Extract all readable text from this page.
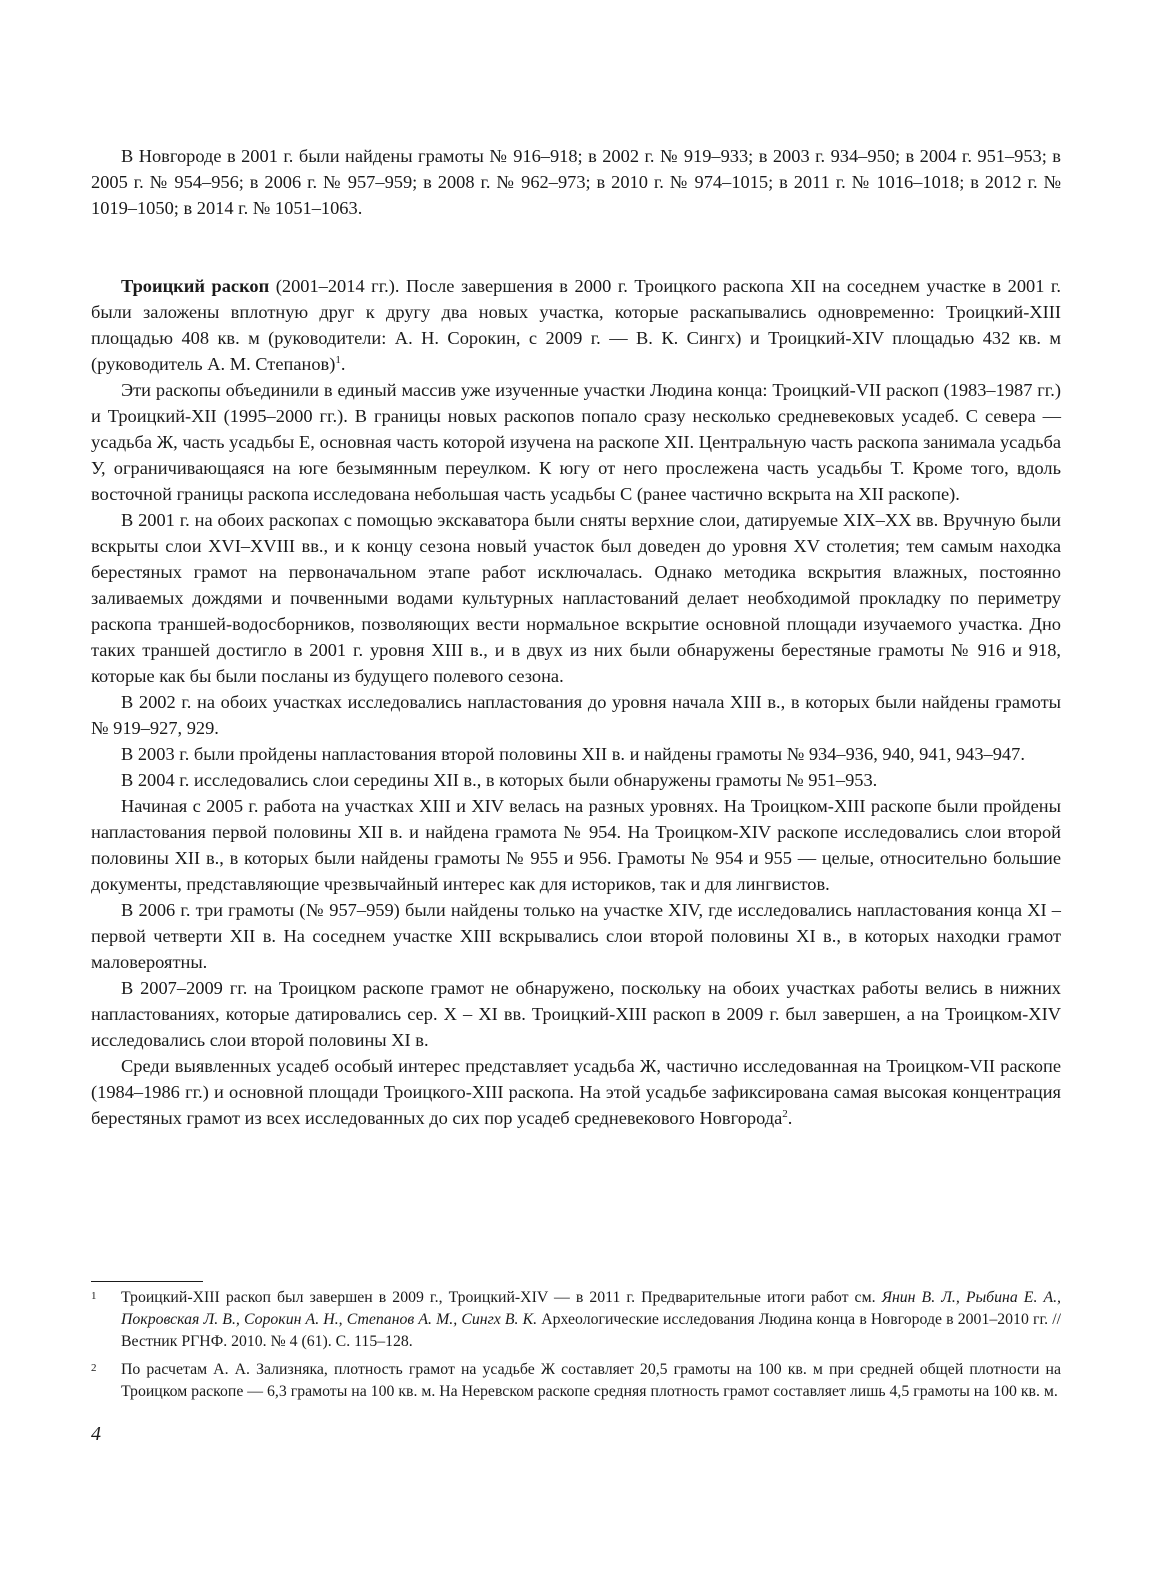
В Новгороде в 2001 г. были найдены грамоты № 916–918; в 2002 г. № 919–933; в 2003 г. 934–950; в 2004 г. 951–953; в 2005 г. № 954–956; в 2006 г. № 957–959; в 2008 г. № 962–973; в 2010 г. № 974–1015; в 2011 г. № 1016–1018; в 2012 г. № 1019–1050; в 2014 г. № 1051–1063.

Троицкий раскоп (2001–2014 гг.). После завершения в 2000 г. Троицкого раскопа XII на соседнем участке в 2001 г. были заложены вплотную друг к другу два новых участка, которые раскапывались одновременно: Троицкий-XIII площадью 408 кв. м (руководители: А. Н. Сорокин, с 2009 г. — В. К. Сингх) и Троицкий-XIV площадью 432 кв. м (руководитель А. М. Степанов)$^1$.

Эти раскопы объединили в единый массив уже изученные участки Людина конца: Троицкий-VII раскоп (1983–1987 гг.) и Троицкий-XII (1995–2000 гг.). В границы новых раскопов попало сразу несколько средневековых усадеб. С севера — усадьба Ж, часть усадьбы Е, основная часть которой изучена на раскопе XII. Центральную часть раскопа занимала усадьба У, ограничивающаяся на юге безымянным переулком. К югу от него прослежена часть усадьбы Т. Кроме того, вдоль восточной границы раскопа исследована небольшая часть усадьбы С (ранее частично вскрыта на XII раскопе).

В 2001 г. на обоих раскопах с помощью экскаватора были сняты верхние слои, датируемые XIX–XX вв. Вручную были вскрыты слои XVI–XVIII вв., и к концу сезона новый участок был доведен до уровня XV столетия; тем самым находка берестяных грамот на первоначальном этапе работ исключалась. Однако методика вскрытия влажных, постоянно заливаемых дождями и почвенными водами культурных напластований делает необходимой прокладку по периметру раскопа траншей-водосборников, позволяющих вести нормальное вскрытие основной площади изучаемого участка. Дно таких траншей достигло в 2001 г. уровня XIII в., и в двух из них были обнаружены берестяные грамоты № 916 и 918, которые как бы были посланы из будущего полевого сезона.

В 2002 г. на обоих участках исследовались напластования до уровня начала XIII в., в которых были найдены грамоты № 919–927, 929.

В 2003 г. были пройдены напластования второй половины XII в. и найдены грамоты № 934–936, 940, 941, 943–947.

В 2004 г. исследовались слои середины XII в., в которых были обнаружены грамоты № 951–953.

Начиная с 2005 г. работа на участках XIII и XIV велась на разных уровнях. На Троицком-XIII раскопе были пройдены напластования первой половины XII в. и найдена грамота № 954. На Троицком-XIV раскопе исследовались слои второй половины XII в., в которых были найдены грамоты № 955 и 956. Грамоты № 954 и 955 — целые, относительно большие документы, представляющие чрезвычайный интерес как для историков, так и для лингвистов.

В 2006 г. три грамоты (№ 957–959) были найдены только на участке XIV, где исследовались напластования конца XI – первой четверти XII в. На соседнем участке XIII вскрывались слои второй половины XI в., в которых находки грамот маловероятны.

В 2007–2009 гг. на Троицком раскопе грамот не обнаружено, поскольку на обоих участках работы велись в нижних напластованиях, которые датировались сер. X – XI вв. Троицкий-XIII раскоп в 2009 г. был завершен, а на Троицком-XIV исследовались слои второй половины XI в.

Среди выявленных усадеб особый интерес представляет усадьба Ж, частично исследованная на Троицком-VII раскопе (1984–1986 гг.) и основной площади Троицкого-XIII раскопа. На этой усадьбе зафиксирована самая высокая концентрация берестяных грамот из всех исследованных до сих пор усадеб средневекового Новгорода$^2$.

1 Троицкий-XIII раскоп был завершен в 2009 г., Троицкий-XIV — в 2011 г. Предварительные итоги работ см. Янин В. Л., Рыбина Е. А., Покровская Л. В., Сорокин А. Н., Степанов А. М., Сингх В. К. Археологические исследования Людина конца в Новгороде в 2001–2010 гг. // Вестник РГНФ. 2010. № 4 (61). С. 115–128.
2 По расчетам А. А. Зализняка, плотность грамот на усадьбе Ж составляет 20,5 грамоты на 100 кв. м при средней общей плотности на Троицком раскопе — 6,3 грамоты на 100 кв. м. На Неревском раскопе средняя плотность грамот составляет лишь 4,5 грамоты на 100 кв. м.
4
